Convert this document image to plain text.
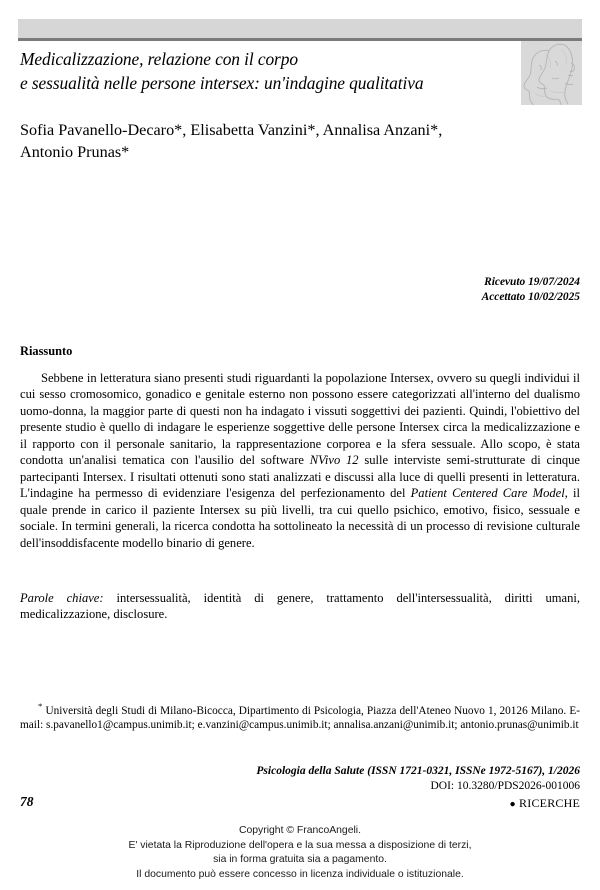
Medicalizzazione, relazione con il corpo
e sessualità nelle persone intersex: un'indagine qualitativa
Sofia Pavanello-Decaro*, Elisabetta Vanzini*, Annalisa Anzani*,
Antonio Prunas*
Ricevuto 19/07/2024
Accettato 10/02/2025
Riassunto

Sebbene in letteratura siano presenti studi riguardanti la popolazione Intersex, ovvero su quegli individui il cui sesso cromosomico, gonadico e genitale esterno non possono essere categorizzati all'interno del dualismo uomo-donna, la maggior parte di questi non ha indagato i vissuti soggettivi dei pazienti. Quindi, l'obiettivo del presente studio è quello di indagare le esperienze soggettive delle persone Intersex circa la medicalizzazione e il rapporto con il personale sanitario, la rappresentazione corporea e la sfera sessuale. Allo scopo, è stata condotta un'analisi tematica con l'ausilio del software NVivo 12 sulle interviste semi-strutturate di cinque partecipanti Intersex. I risultati ottenuti sono stati analizzati e discussi alla luce di quelli presenti in letteratura. L'indagine ha permesso di evidenziare l'esigenza del perfezionamento del Patient Centered Care Model, il quale prende in carico il paziente Intersex su più livelli, tra cui quello psichico, emotivo, fisico, sessuale e sociale. In termini generali, la ricerca condotta ha sottolineato la necessità di un processo di revisione culturale dell'insoddisfacente modello binario di genere.

Parole chiave: intersessualità, identità di genere, trattamento dell'intersessualità, diritti umani, medicalizzazione, disclosure.

* Università degli Studi di Milano-Bicocca, Dipartimento di Psicologia, Piazza dell'Ateneo Nuovo 1, 20126 Milano. E-mail: s.pavanello1@campus.unimib.it; e.vanzini@campus.unimib.it; annalisa.anzani@unimib.it; antonio.prunas@unimib.it

Psicologia della Salute (ISSN 1721-0321, ISSNe 1972-5167), 1/2026
DOI: 10.3280/PDS2026-001006
78	● RICERCHE
Copyright © FrancoAngeli.
E' vietata la Riproduzione dell'opera e la sua messa a disposizione di terzi,
sia in forma gratuita sia a pagamento.
Il documento può essere concesso in licenza individuale o istituzionale.
